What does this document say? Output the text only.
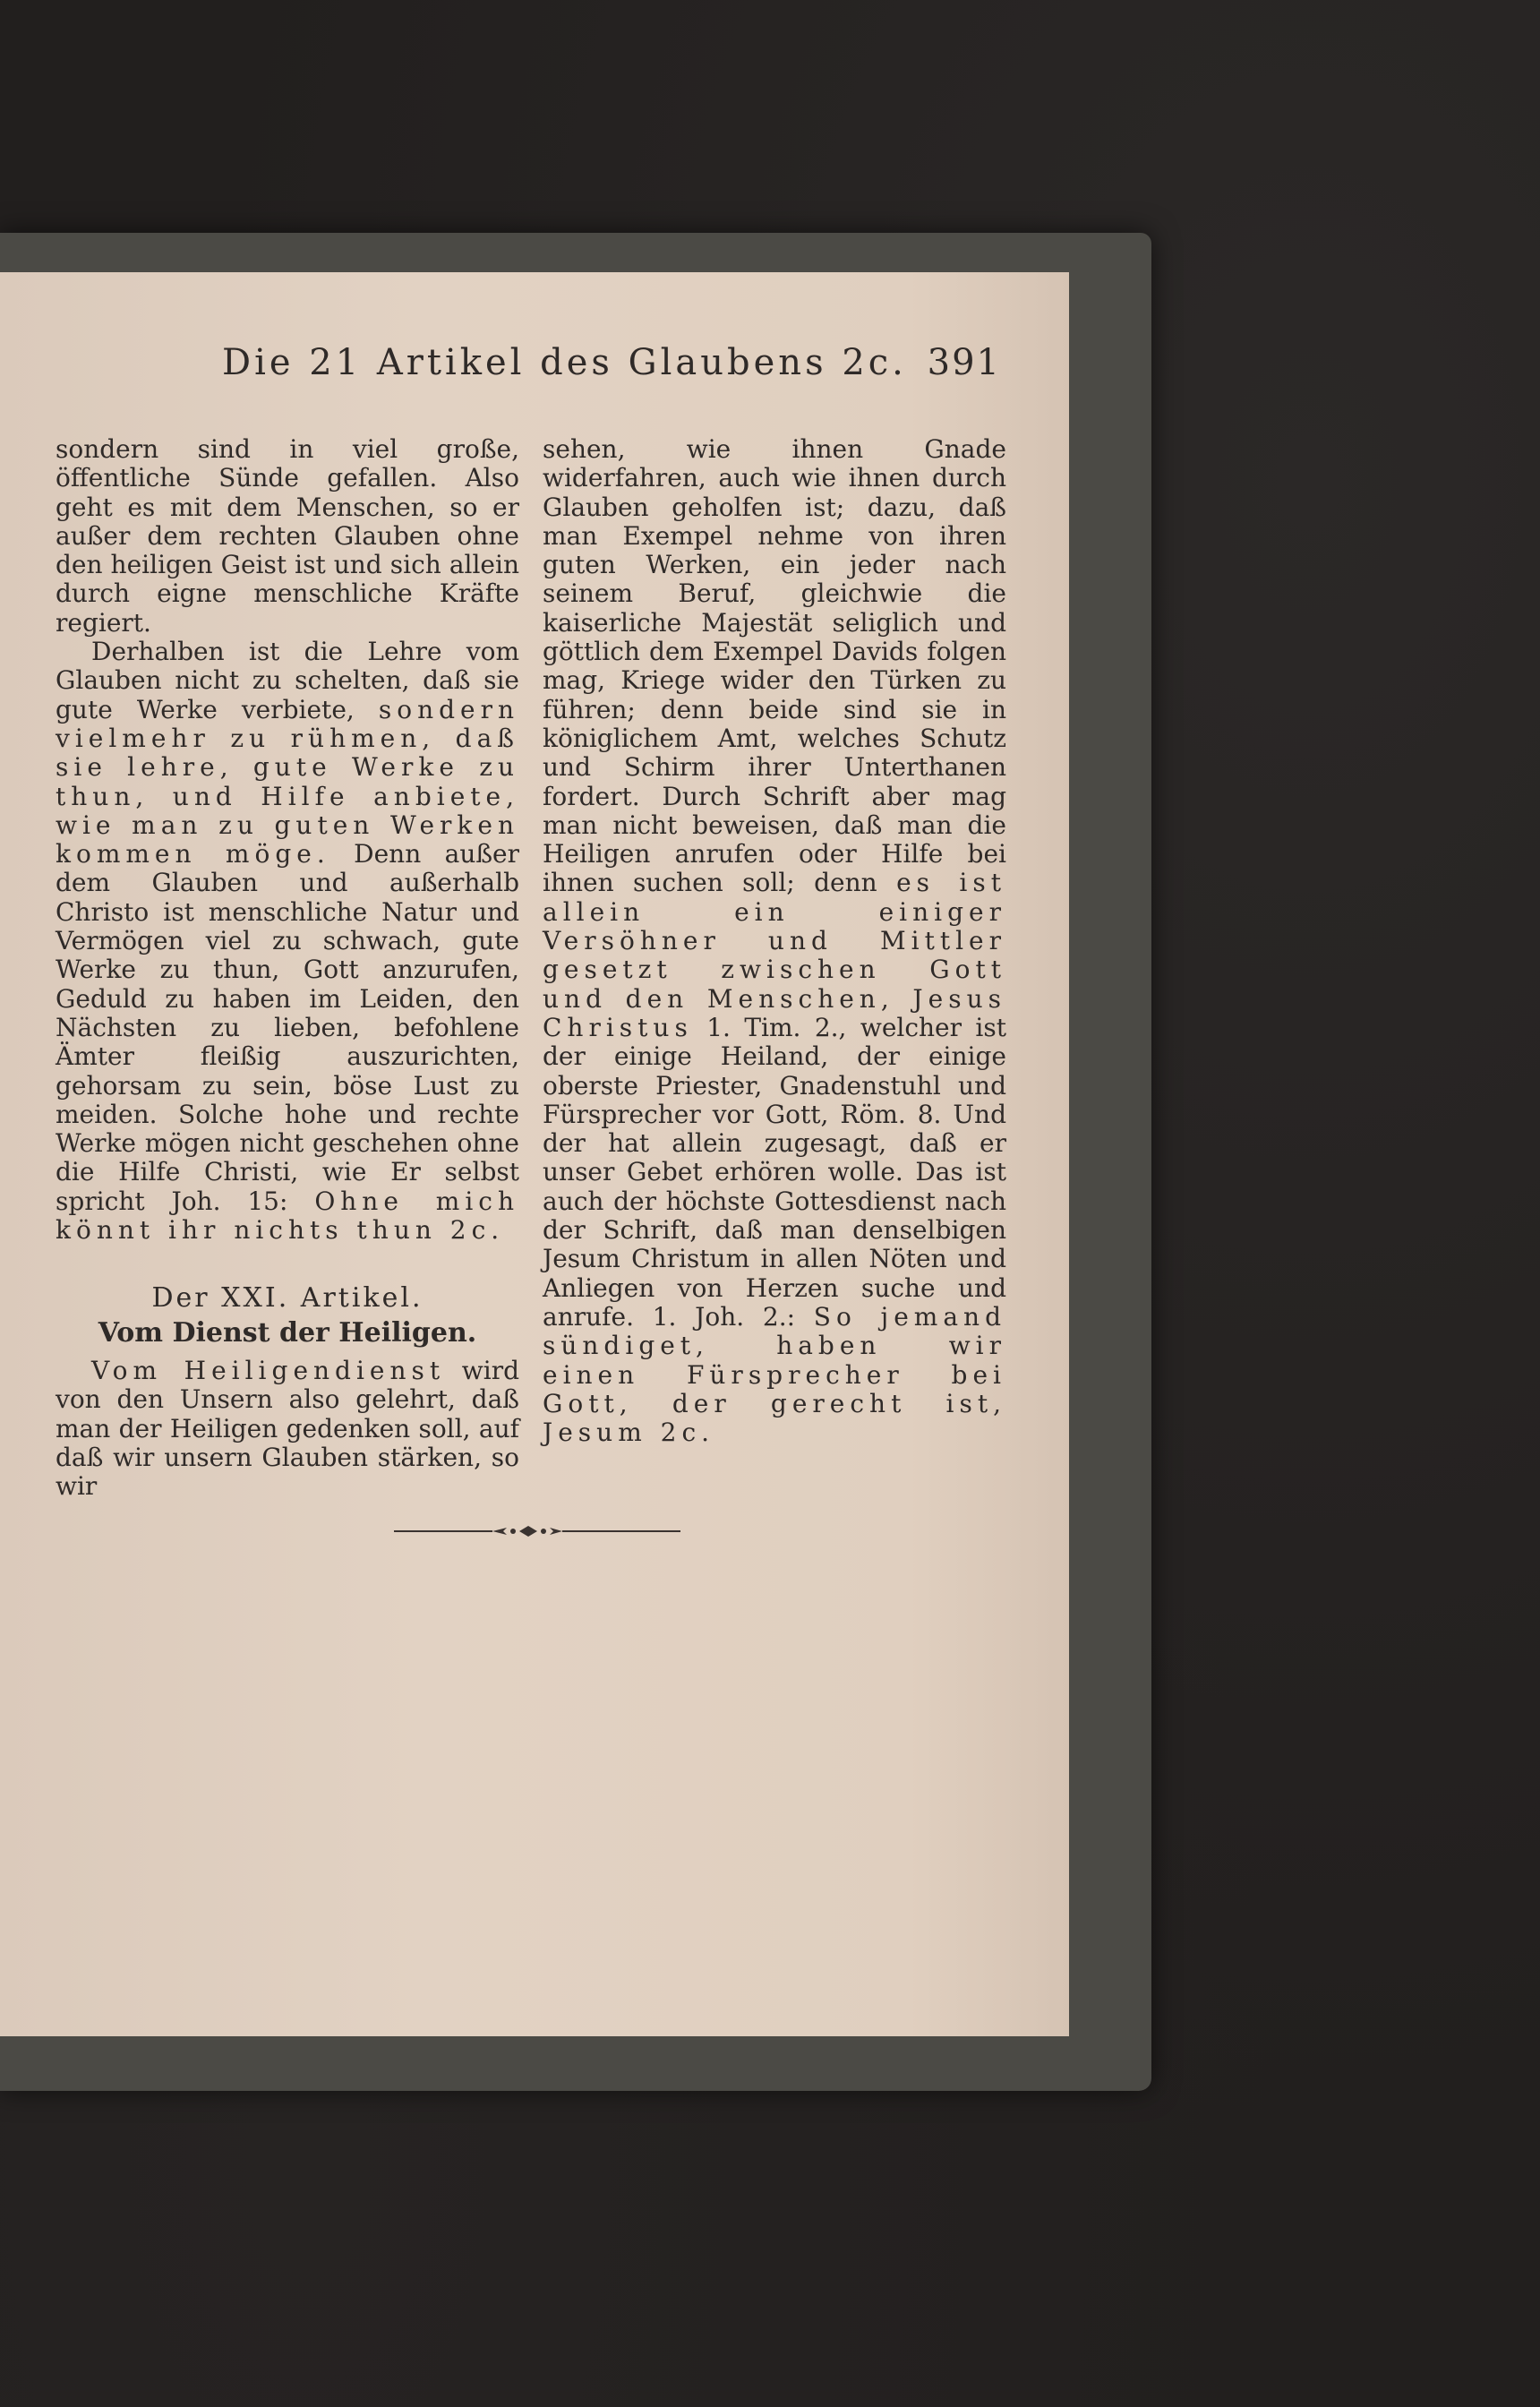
Die 21 Artikel des Glaubens 2c. 391

sondern sind in viel große, öffentliche Sünde gefallen. Also geht es mit dem Menschen, so er außer dem rechten Glauben ohne den heiligen Geist ist und sich allein durch eigne menschliche Kräfte regiert.

Derhalben ist die Lehre vom Glauben nicht zu schelten, daß sie gute Werke verbiete, sondern vielmehr zu rühmen, daß sie lehre, gute Werke zu thun, und Hilfe anbiete, wie man zu guten Werken kommen möge. Denn außer dem Glauben und außerhalb Christo ist menschliche Natur und Vermögen viel zu schwach, gute Werke zu thun, Gott anzurufen, Geduld zu haben im Leiden, den Nächsten zu lieben, befohlene Ämter fleißig auszurichten, gehorsam zu sein, böse Lust zu meiden. Solche hohe und rechte Werke mögen nicht geschehen ohne die Hilfe Christi, wie Er selbst spricht Joh. 15: Ohne mich könnt ihr nichts thun 2c.

Der XXI. Artikel.

Vom Dienst der Heiligen.

Vom Heiligendienst wird von den Unsern also gelehrt, daß man der Heiligen gedenken soll, auf daß wir unsern Glauben stärken, so wir

sehen, wie ihnen Gnade widerfahren, auch wie ihnen durch Glauben geholfen ist; dazu, daß man Exempel nehme von ihren guten Werken, ein jeder nach seinem Beruf, gleichwie die kaiserliche Majestät seliglich und göttlich dem Exempel Davids folgen mag, Kriege wider den Türken zu führen; denn beide sind sie in königlichem Amt, welches Schutz und Schirm ihrer Unterthanen fordert. Durch Schrift aber mag man nicht beweisen, daß man die Heiligen anrufen oder Hilfe bei ihnen suchen soll; denn es ist allein ein einiger Versöhner und Mittler gesetzt zwischen Gott und den Menschen, Jesus Christus 1. Tim. 2., welcher ist der einige Heiland, der einige oberste Priester, Gnadenstuhl und Fürsprecher vor Gott, Röm. 8. Und der hat allein zugesagt, daß er unser Gebet erhören wolle. Das ist auch der höchste Gottesdienst nach der Schrift, daß man denselbigen Jesum Christum in allen Nöten und Anliegen von Herzen suche und anrufe. 1. Joh. 2.: So jemand sündiget, haben wir einen Fürsprecher bei Gott, der gerecht ist, Jesum 2c.
